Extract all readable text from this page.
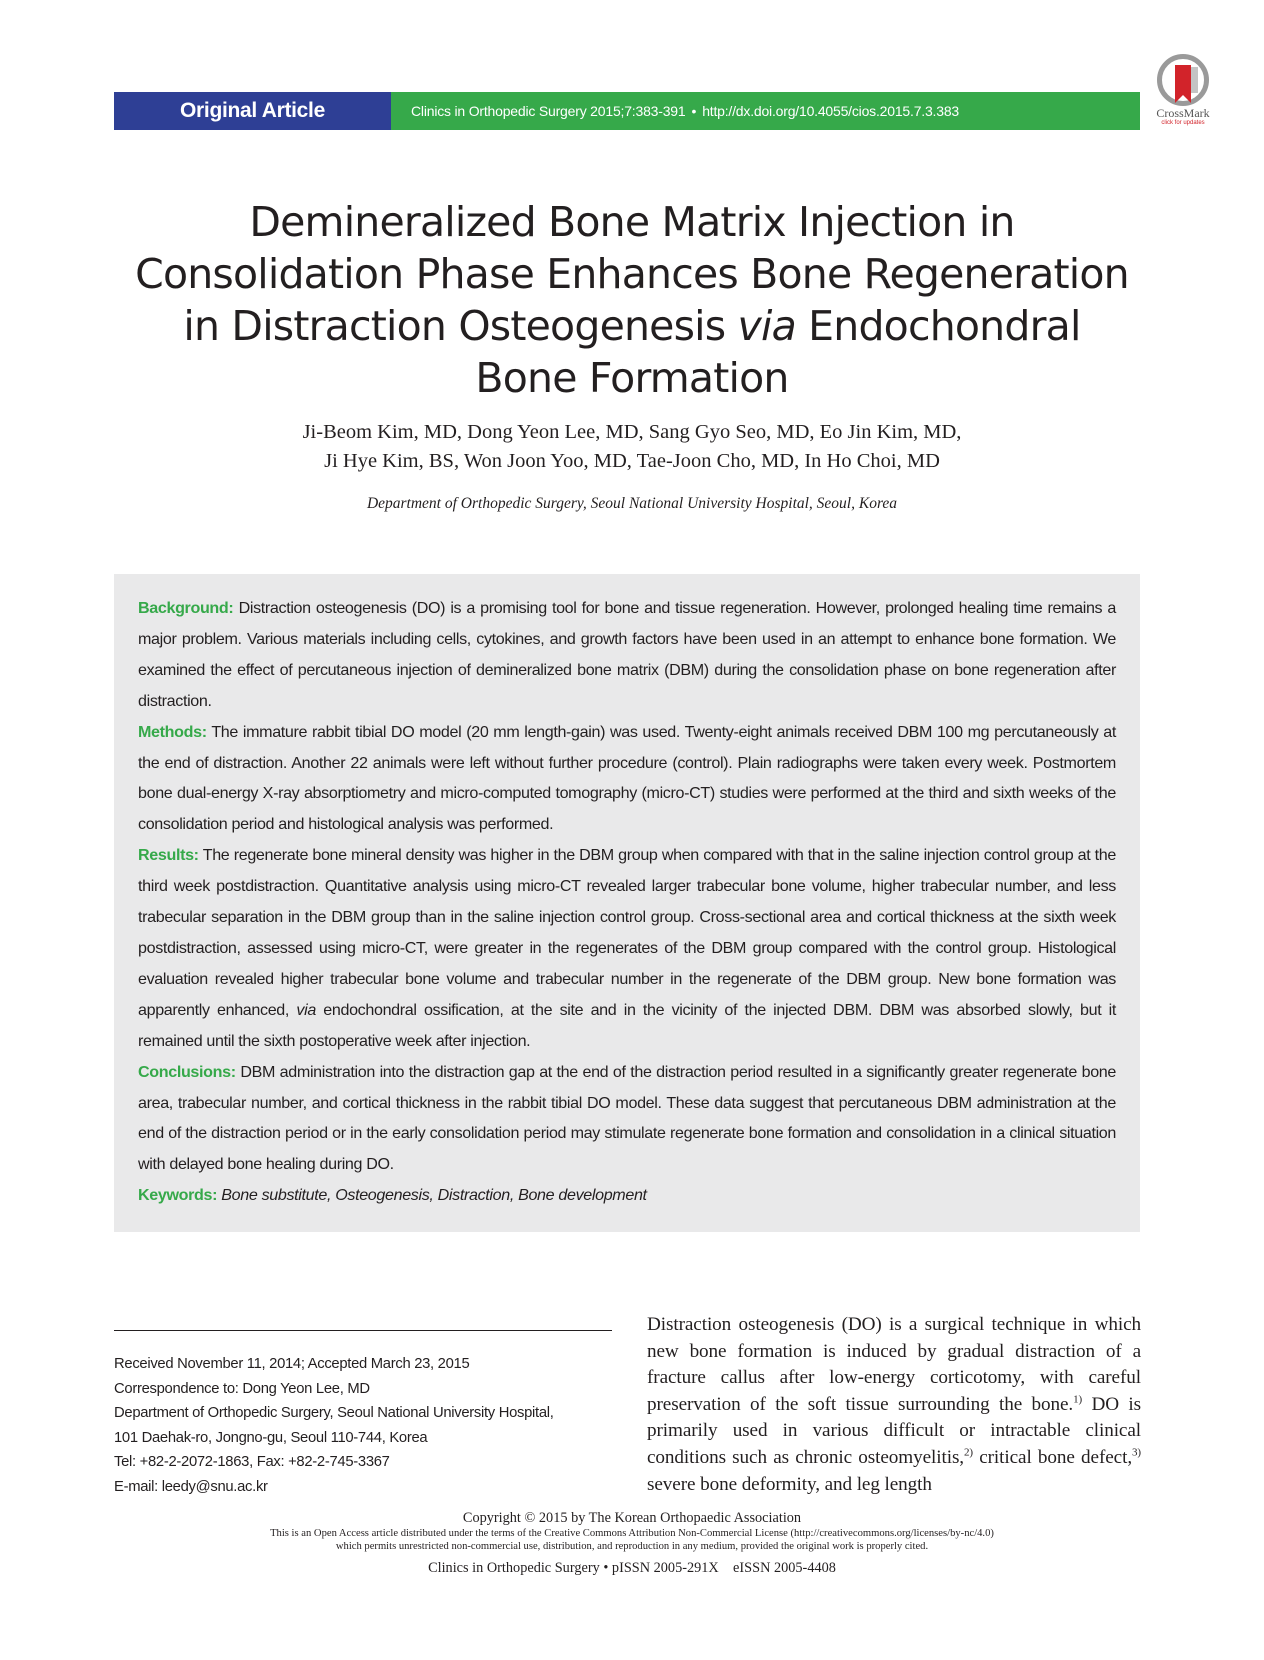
Original Article	Clinics in Orthopedic Surgery 2015;7:383-391 • http://dx.doi.org/10.4055/cios.2015.7.3.383	CrossMark
click for updates
Demineralized Bone Matrix Injection in
Consolidation Phase Enhances Bone Regeneration
in Distraction Osteogenesis via Endochondral
Bone Formation
Ji-Beom Kim, MD, Dong Yeon Lee, MD, Sang Gyo Seo, MD, Eo Jin Kim, MD,
Ji Hye Kim, BS, Won Joon Yoo, MD, Tae-Joon Cho, MD, In Ho Choi, MD
Department of Orthopedic Surgery, Seoul National University Hospital, Seoul, Korea

Background: Distraction osteogenesis (DO) is a promising tool for bone and tissue regeneration. However, prolonged healing time remains a major problem. Various materials including cells, cytokines, and growth factors have been used in an attempt to enhance bone formation. We examined the effect of percutaneous injection of demineralized bone matrix (DBM) during the consolidation phase on bone regeneration after distraction.

Methods: The immature rabbit tibial DO model (20 mm length-gain) was used. Twenty-eight animals received DBM 100 mg percutaneously at the end of distraction. Another 22 animals were left without further procedure (control). Plain radiographs were taken every week. Postmortem bone dual-energy X-ray absorptiometry and micro-computed tomography (micro-CT) studies were performed at the third and sixth weeks of the consolidation period and histological analysis was performed.

Results: The regenerate bone mineral density was higher in the DBM group when compared with that in the saline injection control group at the third week postdistraction. Quantitative analysis using micro-CT revealed larger trabecular bone volume, higher trabecular number, and less trabecular separation in the DBM group than in the saline injection control group. Cross-sectional area and cortical thickness at the sixth week postdistraction, assessed using micro-CT, were greater in the regenerates of the DBM group compared with the control group. Histological evaluation revealed higher trabecular bone volume and trabecular number in the regenerate of the DBM group. New bone formation was apparently enhanced, via endochondral ossification, at the site and in the vicinity of the injected DBM. DBM was absorbed slowly, but it remained until the sixth postoperative week after injection.

Conclusions: DBM administration into the distraction gap at the end of the distraction period resulted in a significantly greater regenerate bone area, trabecular number, and cortical thickness in the rabbit tibial DO model. These data suggest that percutaneous DBM administration at the end of the distraction period or in the early consolidation period may stimulate regenerate bone formation and consolidation in a clinical situation with delayed bone healing during DO.

Keywords: Bone substitute, Osteogenesis, Distraction, Bone development

Received November 11, 2014; Accepted March 23, 2015
Correspondence to: Dong Yeon Lee, MD
Department of Orthopedic Surgery, Seoul National University Hospital,
101 Daehak-ro, Jongno-gu, Seoul 110-744, Korea
Tel: +82-2-2072-1863, Fax: +82-2-745-3367
E-mail: leedy@snu.ac.kr

Distraction osteogenesis (DO) is a surgical technique in which new bone formation is induced by gradual distraction of a fracture callus after low-energy corticotomy, with careful preservation of the soft tissue surrounding the bone.$^{1)}$ DO is primarily used in various difficult or intractable clinical conditions such as chronic osteomyelitis,$^{2)}$ critical bone defect,$^{3)}$ severe bone deformity, and leg length

Copyright © 2015 by The Korean Orthopaedic Association
This is an Open Access article distributed under the terms of the Creative Commons Attribution Non-Commercial License (http://creativecommons.org/licenses/by-nc/4.0)
which permits unrestricted non-commercial use, distribution, and reproduction in any medium, provided the original work is properly cited.
Clinics in Orthopedic Surgery • pISSN 2005-291X    eISSN 2005-4408
